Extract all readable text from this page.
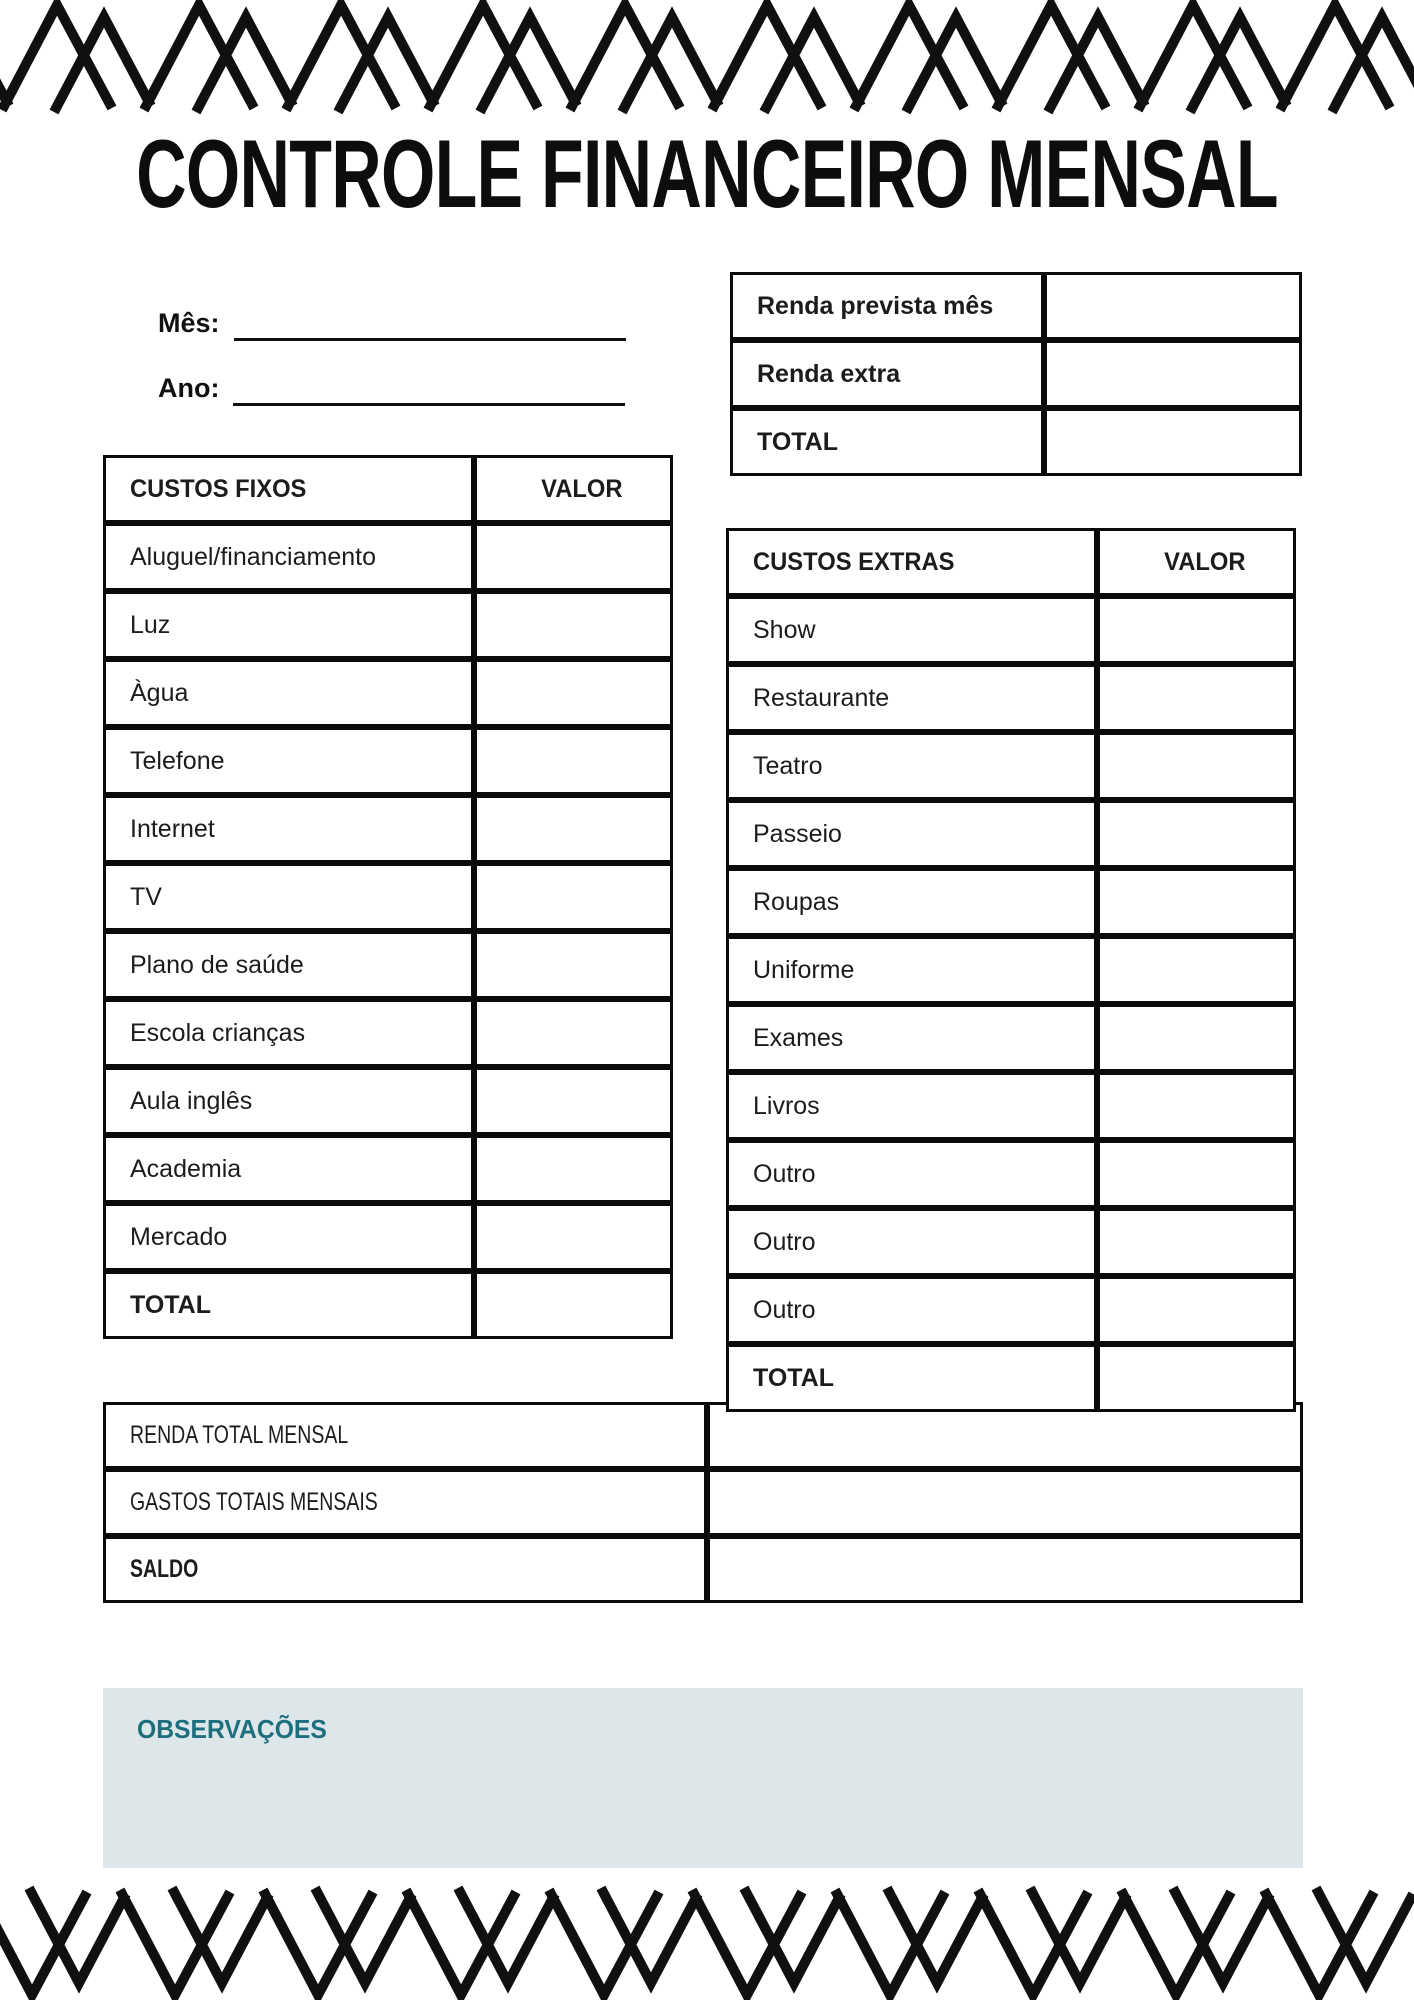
CONTROLE FINANCEIRO MENSAL
Mês:
Ano:
Renda prevista mês	
Renda extra	
TOTAL	
RENDA TOTAL MENSAL	
GASTOS TOTAIS MENSAIS	
SALDO	
CUSTOS FIXOS	VALOR
Aluguel/financiamento	
Luz	
Àgua	
Telefone	
Internet	
TV	
Plano de saúde	
Escola crianças	
Aula inglês	
Academia	
Mercado	
TOTAL	
CUSTOS EXTRAS	VALOR
Show	
Restaurante	
Teatro	
Passeio	
Roupas	
Uniforme	
Exames	
Livros	
Outro	
Outro	
Outro	
TOTAL	
OBSERVAÇÕES
